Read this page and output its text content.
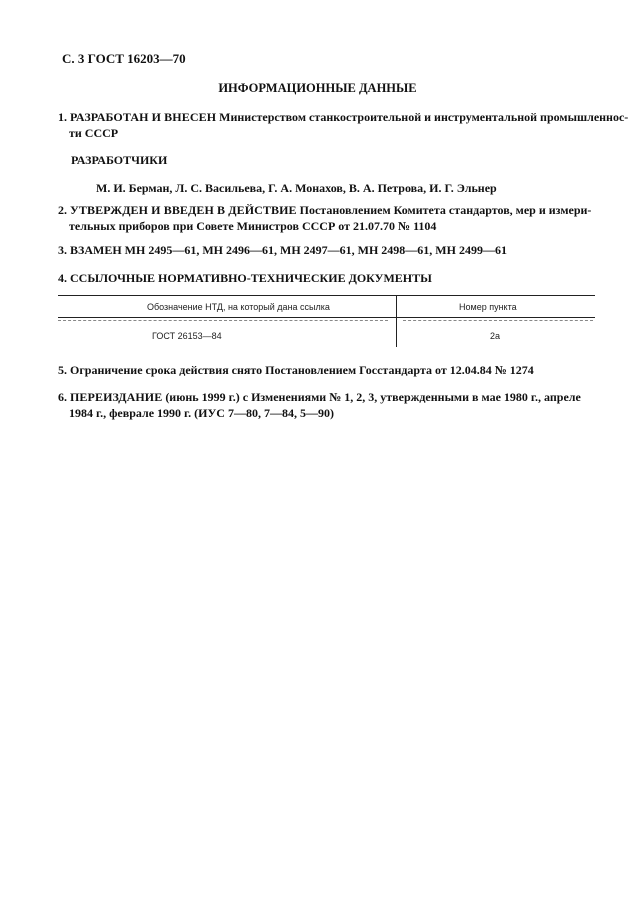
С. 3 ГОСТ 16203—70
ИНФОРМАЦИОННЫЕ ДАННЫЕ
1. РАЗРАБОТАН И ВНЕСЕН Министерством станкостроительной и инструментальной промышленнос-
ти СССР
РАЗРАБОТЧИКИ
М. И. Берман, Л. С. Васильева, Г. А. Монахов, В. А. Петрова, И. Г. Эльнер
2. УТВЕРЖДЕН И ВВЕДЕН В ДЕЙСТВИЕ Постановлением Комитета стандартов, мер и измери-
тельных приборов при Совете Министров СССР от 21.07.70 № 1104
3. ВЗАМЕН МН 2495—61, МН 2496—61, МН 2497—61, МН 2498—61, МН 2499—61
4. ССЫЛОЧНЫЕ НОРМАТИВНО-ТЕХНИЧЕСКИЕ ДОКУМЕНТЫ
Обозначение НТД, на который дана ссылка	Номер пункта
ГОСТ 26153—84	2а
5. Ограничение срока действия снято Постановлением Госстандарта от 12.04.84 № 1274
6. ПЕРЕИЗДАНИЕ (июнь 1999 г.) с Изменениями № 1, 2, 3, утвержденными в мае 1980 г., апреле
1984 г., феврале 1990 г. (ИУС 7—80, 7—84, 5—90)
